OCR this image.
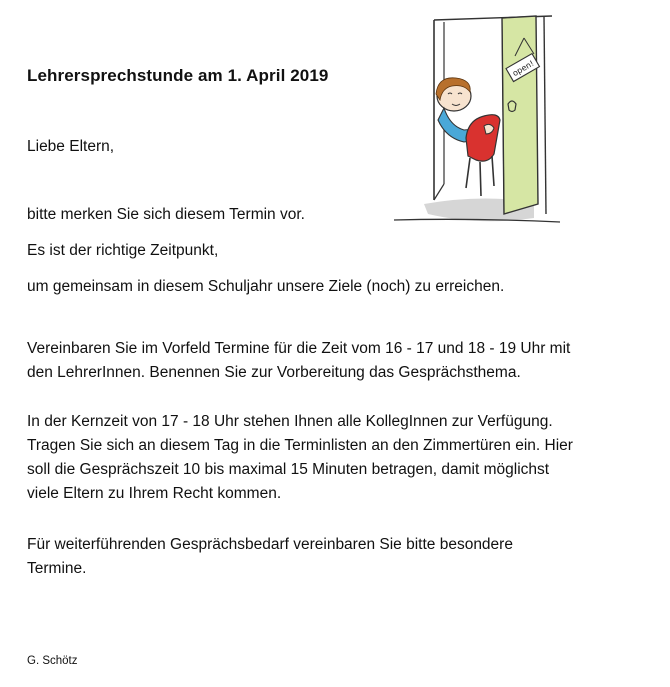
Lehrersprechstunde am 1. April 2019

Liebe Eltern,

bitte merken Sie sich diesem Termin vor.

Es ist der richtige Zeitpunkt,

um gemeinsam in diesem Schuljahr unsere Ziele (noch) zu erreichen.

Vereinbaren Sie im Vorfeld Termine für die Zeit vom 16 - 17 und 18 - 19 Uhr mit
den LehrerInnen. Benennen Sie zur Vorbereitung das Gesprächsthema.
In der Kernzeit von 17 - 18 Uhr stehen Ihnen alle KollegInnen zur Verfügung.
Tragen Sie sich an diesem Tag in die Terminlisten an den Zimmertüren ein. Hier
soll die Gesprächszeit 10 bis maximal 15 Minuten betragen, damit möglichst
viele Eltern zu Ihrem Recht kommen.
Für weiterführenden Gesprächsbedarf vereinbaren Sie bitte besondere
Termine.

G. Schötz

open!
